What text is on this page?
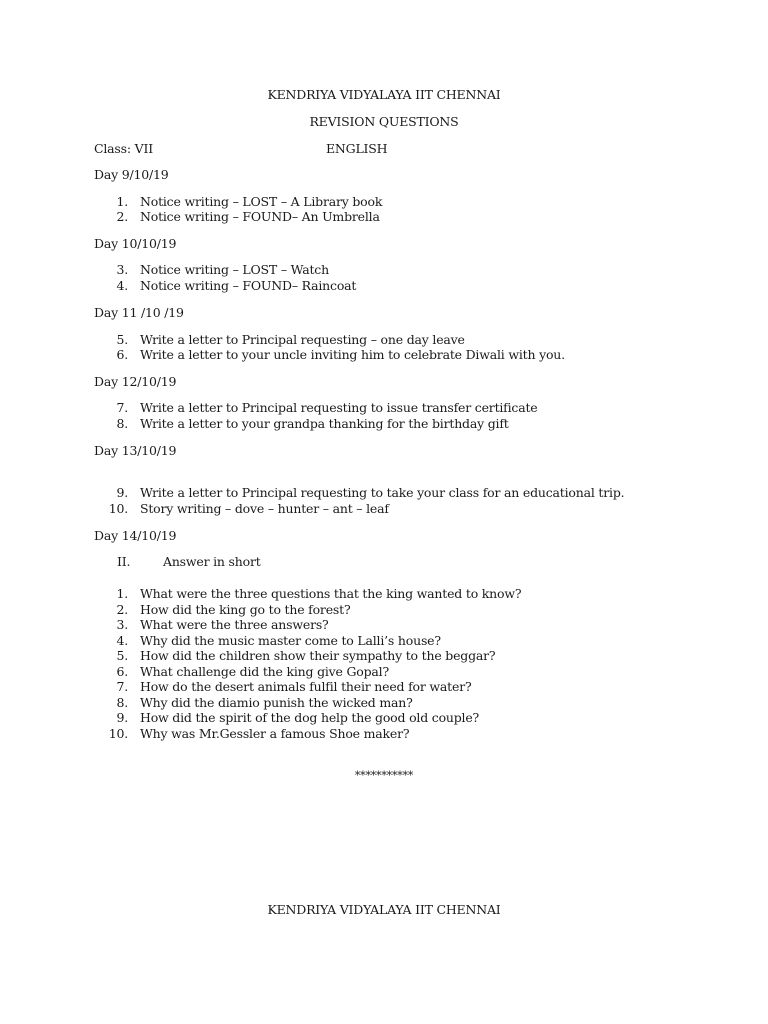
KENDRIYA VIDYALAYA IIT CHENNAI
REVISION QUESTIONS
Class: VII	ENGLISH
Day 9/10/19
1. Notice writing – LOST – A Library book
2. Notice writing – FOUND– An Umbrella
Day 10/10/19
3. Notice writing – LOST – Watch
4. Notice writing – FOUND– Raincoat
Day 11 /10 /19
5. Write a letter to Principal requesting – one day leave
6. Write a letter to your uncle inviting him to celebrate Diwali with you.
Day 12/10/19
7. Write a letter to Principal requesting to issue transfer certificate
8. Write a letter to your grandpa thanking for the birthday gift
Day 13/10/19
9. Write a letter to Principal requesting to take your class for an educational trip.
10. Story writing – dove – hunter – ant – leaf
Day 14/10/19
II.	Answer in short
1. What were the three questions that the king wanted to know?
2. How did the king go to the forest?
3. What were the three answers?
4. Why did the music master come to Lalli’s house?
5. How did the children show their sympathy to the beggar?
6. What challenge did the king give Gopal?
7. How do the desert animals fulfil their need for water?
8. Why did the diamio punish the wicked man?
9. How did the spirit of the dog help the good old couple?
10. Why was Mr.Gessler a famous Shoe maker?
***********
KENDRIYA VIDYALAYA IIT CHENNAI
